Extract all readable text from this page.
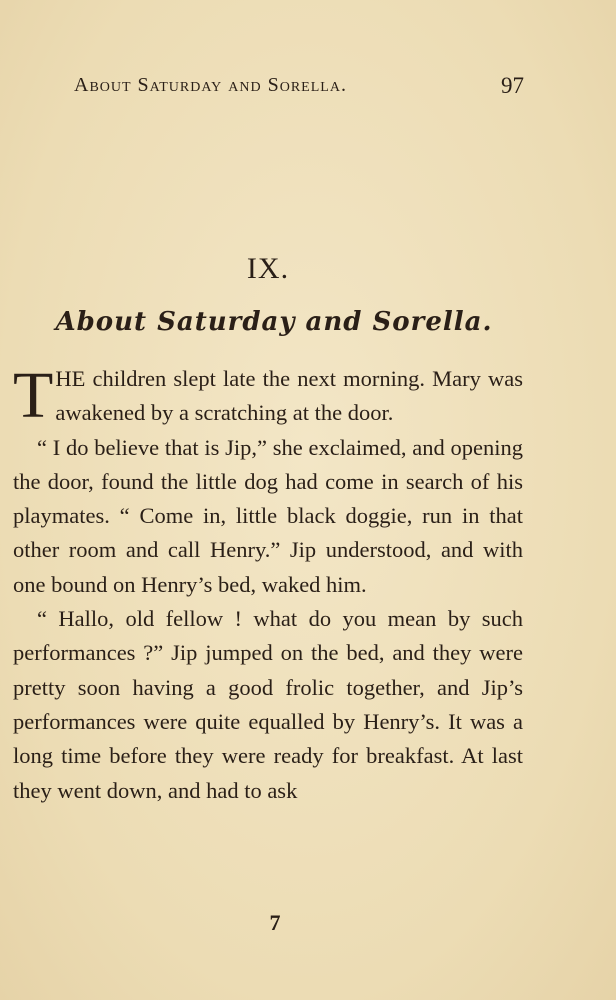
About Saturday and Sorella.	97
IX.
About Saturday and Sorella.

THE children slept late the next morning. Mary was awakened by a scratching at the door.

“ I do believe that is Jip,” she exclaimed, and opening the door, found the little dog had come in search of his playmates. “ Come in, little black doggie, run in that other room and call Henry.” Jip understood, and with one bound on Henry’s bed, waked him.

“ Hallo, old fellow ! what do you mean by such performances ?” Jip jumped on the bed, and they were pretty soon having a good frolic together, and Jip’s performances were quite equalled by Henry’s. It was a long time before they were ready for breakfast. At last they went down, and had to ask

7
